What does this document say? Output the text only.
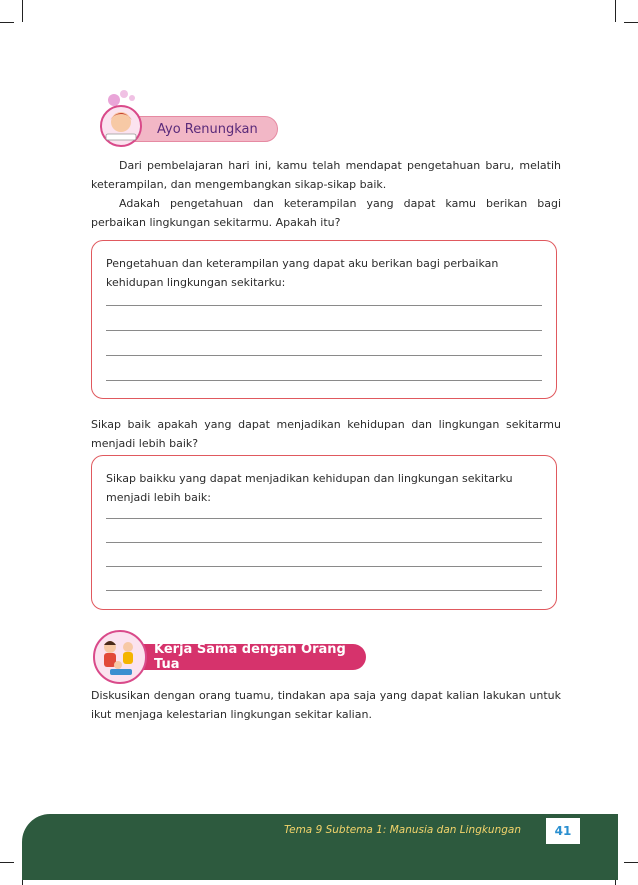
Ayo Renungkan

Dari pembelajaran hari ini, kamu telah mendapat pengetahuan baru, melatih keterampilan, dan mengembangkan sikap-sikap baik.
Adakah pengetahuan dan keterampilan yang dapat kamu berikan bagi perbaikan lingkungan sekitarmu. Apakah itu?

Pengetahuan dan keterampilan yang dapat aku berikan bagi perbaikan kehidupan lingkungan sekitarku:

Sikap baik apakah yang dapat menjadikan kehidupan dan lingkungan sekitarmu menjadi lebih baik?

Sikap baikku yang dapat menjadikan kehidupan dan lingkungan sekitarku menjadi lebih baik:
Kerja Sama dengan Orang Tua

Diskusikan dengan orang tuamu, tindakan apa saja yang dapat kalian lakukan untuk ikut menjaga kelestarian lingkungan sekitar kalian.

Tema 9 Subtema 1: Manusia dan Lingkungan	41
